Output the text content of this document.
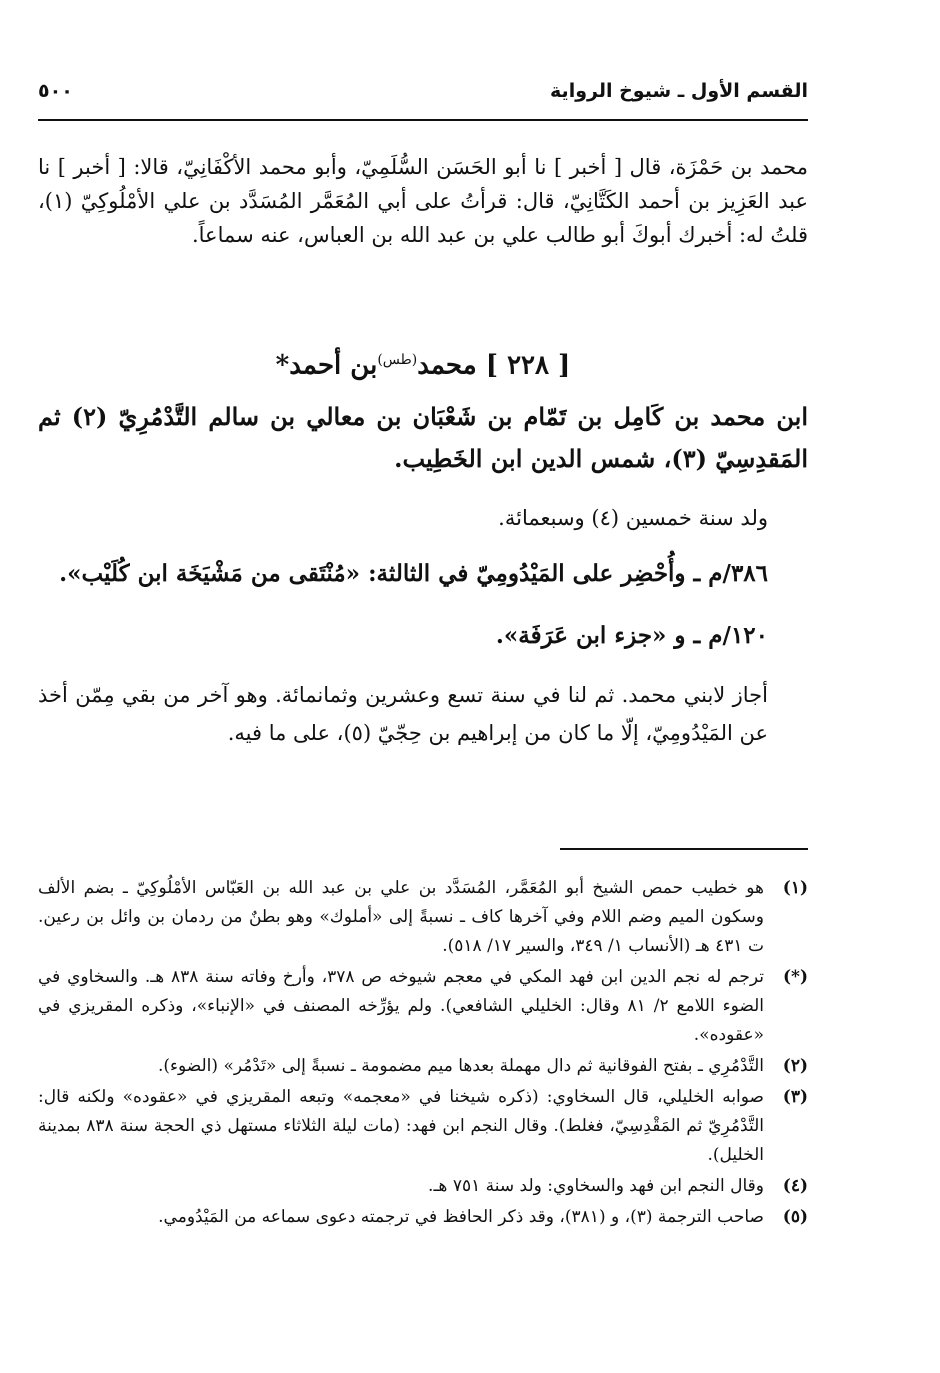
القسم الأول ـ شيوخ الرواية
٥٠٠
محمد بن حَمْزَة، قال [ أخبر ] نا أبو الحَسَن السُّلَمِيّ، وأبو محمد الأكْفَانِيّ، قالا: [ أخبر ] نا عبد العَزِيز بن أحمد الكَتَّانِيّ، قال: قرأتُ على أبي المُعَمَّر المُسَدَّد بن علي الأمْلُوكِيّ (١)، قلتُ له: أخبرك أبوكَ أبو طالب علي بن عبد الله بن العباس، عنه سماعاً.
[ ٢٢٨ ] محمد$^{(طس)}$بن أحمد*
ابن محمد بن كَامِل بن تَمّام بن شَعْبَان بن معالي بن سالم التَّدْمُرِيّ (٢) ثم المَقدِسِيّ (٣)، شمس الدين ابن الخَطِيب.
ولد سنة خمسين (٤) وسبعمائة.
٣٨٦/م ـ وأُحْضِر على المَيْدُومِيّ في الثالثة: «مُنْتَقى من مَشْيَخَة ابن كُلَيْب».
١٢٠/م ـ و «جزء ابن عَرَفَة».
أجاز لابني محمد. ثم لنا في سنة تسع وعشرين وثمانمائة. وهو آخر من بقي مِمّن أخذ عن المَيْدُومِيّ، إلّا ما كان من إبراهيم بن حِجّيّ (٥)، على ما فيه.
(١)
هو خطيب حمص الشيخ أبو المُعَمَّر، المُسَدَّد بن علي بن عبد الله بن العَبّاس الأمْلُوكِيّ ـ بضم الألف وسكون الميم وضم اللام وفي آخرها كاف ـ نسبةً إلى «أملوك» وهو بطنٌ من ردمان بن وائل بن رعين. ت ٤٣١ هـ (الأنساب ١/ ٣٤٩، والسير ١٧/ ٥١٨).
(*)
ترجم له نجم الدين ابن فهد المكي في معجم شيوخه ص ٣٧٨، وأرخ وفاته سنة ٨٣٨ هـ. والسخاوي في الضوء اللامع ٢/ ٨١ وقال: الخليلي الشافعي). ولم يؤرِّخه المصنف في «الإنباء»، وذكره المقريزي في «عقوده».
(٢)
التَّدْمُرِي ـ بفتح الفوقانية ثم دال مهملة بعدها ميم مضمومة ـ نسبةً إلى «تَدْمُر» (الضوء).
(٣)
صوابه الخليلي، قال السخاوي: (ذكره شيخنا في «معجمه» وتبعه المقريزي في «عقوده» ولكنه قال: التَّدْمُرِيّ ثم المَقْدِسِيّ، فغلط). وقال النجم ابن فهد: (مات ليلة الثلاثاء مستهل ذي الحجة سنة ٨٣٨ بمدينة الخليل).
(٤)
وقال النجم ابن فهد والسخاوي: ولد سنة ٧٥١ هـ.
(٥)
صاحب الترجمة (٣)، و (٣٨١)، وقد ذكر الحافظ في ترجمته دعوى سماعه من المَيْدُومي.
